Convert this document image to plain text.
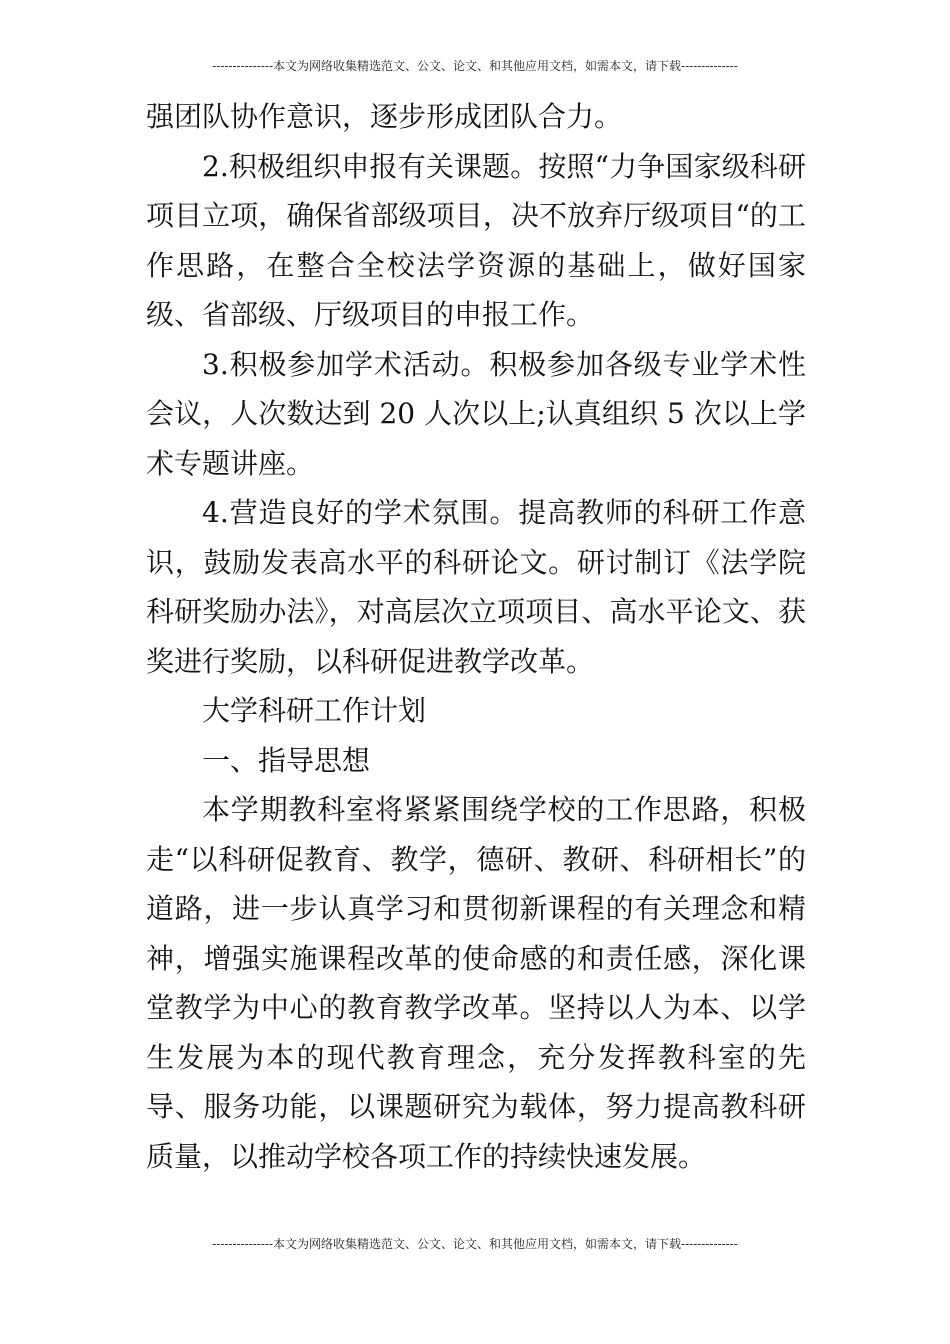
---------------本文为网络收集精选范文、公文、论文、和其他应用文档，如需本文，请下载--------------

强团队协作意识，逐步形成团队合力。

2.积极组织申报有关课题。按照“力争国家级科研项目立项，确保省部级项目，决不放弃厅级项目“的工作思路，在整合全校法学资源的基础上，做好国家级、省部级、厅级项目的申报工作。

3.积极参加学术活动。积极参加各级专业学术性会议，人次数达到 20 人次以上;认真组织 5 次以上学术专题讲座。

4.营造良好的学术氛围。提高教师的科研工作意识，鼓励发表高水平的科研论文。研讨制订《法学院科研奖励办法》，对高层次立项项目、高水平论文、获奖进行奖励，以科研促进教学改革。

大学科研工作计划

一、指导思想

本学期教科室将紧紧围绕学校的工作思路，积极走“以科研促教育、教学，德研、教研、科研相长”的道路，进一步认真学习和贯彻新课程的有关理念和精神，增强实施课程改革的使命感的和责任感，深化课堂教学为中心的教育教学改革。坚持以人为本、以学生发展为本的现代教育理念，充分发挥教科室的先导、服务功能，以课题研究为载体，努力提高教科研质量，以推动学校各项工作的持续快速发展。

---------------本文为网络收集精选范文、公文、论文、和其他应用文档，如需本文，请下载--------------
